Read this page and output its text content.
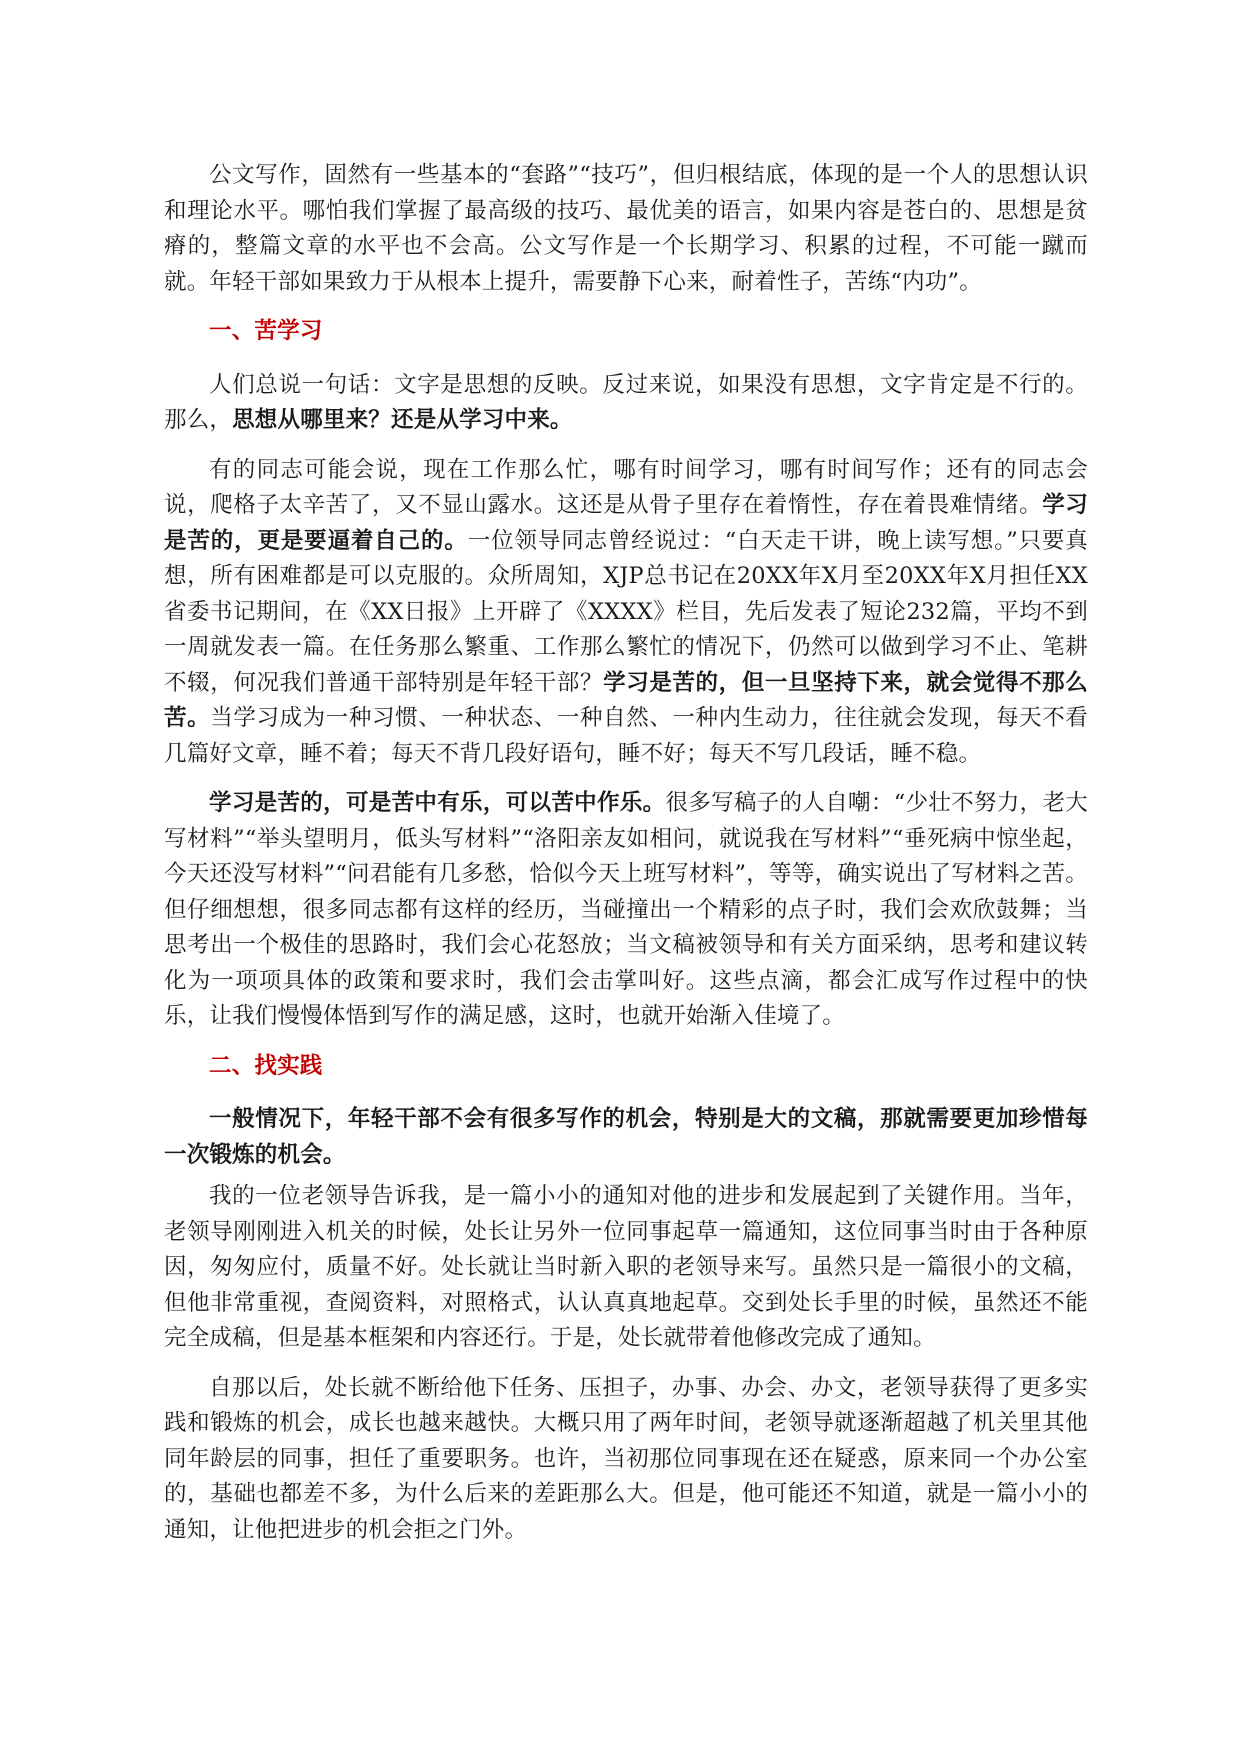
公文写作，固然有一些基本的“套路”“技巧”，但归根结底，体现的是一个人的思想认识和理论水平。哪怕我们掌握了最高级的技巧、最优美的语言，如果内容是苍白的、思想是贫瘠的，整篇文章的水平也不会高。公文写作是一个长期学习、积累的过程，不可能一蹴而就。年轻干部如果致力于从根本上提升，需要静下心来，耐着性子，苦练“内功”。

一、苦学习

人们总说一句话：文字是思想的反映。反过来说，如果没有思想，文字肯定是不行的。那么，思想从哪里来？还是从学习中来。

有的同志可能会说，现在工作那么忙，哪有时间学习，哪有时间写作；还有的同志会说，爬格子太辛苦了，又不显山露水。这还是从骨子里存在着惰性，存在着畏难情绪。学习是苦的，更是要逼着自己的。一位领导同志曾经说过：“白天走干讲，晚上读写想。”只要真想，所有困难都是可以克服的。众所周知，XJP总书记在20XX年X月至20XX年X月担任XX省委书记期间，在《XX日报》上开辟了《XXXX》栏目，先后发表了短论232篇，平均不到一周就发表一篇。在任务那么繁重、工作那么繁忙的情况下，仍然可以做到学习不止、笔耕不辍，何况我们普通干部特别是年轻干部？学习是苦的，但一旦坚持下来，就会觉得不那么苦。当学习成为一种习惯、一种状态、一种自然、一种内生动力，往往就会发现，每天不看几篇好文章，睡不着；每天不背几段好语句，睡不好；每天不写几段话，睡不稳。

学习是苦的，可是苦中有乐，可以苦中作乐。很多写稿子的人自嘲：“少壮不努力，老大写材料”“举头望明月，低头写材料”“洛阳亲友如相问，就说我在写材料”“垂死病中惊坐起，今天还没写材料”“问君能有几多愁，恰似今天上班写材料”，等等，确实说出了写材料之苦。但仔细想想，很多同志都有这样的经历，当碰撞出一个精彩的点子时，我们会欢欣鼓舞；当思考出一个极佳的思路时，我们会心花怒放；当文稿被领导和有关方面采纳，思考和建议转化为一项项具体的政策和要求时，我们会击掌叫好。这些点滴，都会汇成写作过程中的快乐，让我们慢慢体悟到写作的满足感，这时，也就开始渐入佳境了。

二、找实践

一般情况下，年轻干部不会有很多写作的机会，特别是大的文稿，那就需要更加珍惜每一次锻炼的机会。

我的一位老领导告诉我，是一篇小小的通知对他的进步和发展起到了关键作用。当年，老领导刚刚进入机关的时候，处长让另外一位同事起草一篇通知，这位同事当时由于各种原因，匆匆应付，质量不好。处长就让当时新入职的老领导来写。虽然只是一篇很小的文稿，但他非常重视，查阅资料，对照格式，认认真真地起草。交到处长手里的时候，虽然还不能完全成稿，但是基本框架和内容还行。于是，处长就带着他修改完成了通知。

自那以后，处长就不断给他下任务、压担子，办事、办会、办文，老领导获得了更多实践和锻炼的机会，成长也越来越快。大概只用了两年时间，老领导就逐渐超越了机关里其他同年龄层的同事，担任了重要职务。也许，当初那位同事现在还在疑惑，原来同一个办公室的，基础也都差不多，为什么后来的差距那么大。但是，他可能还不知道，就是一篇小小的通知，让他把进步的机会拒之门外。
